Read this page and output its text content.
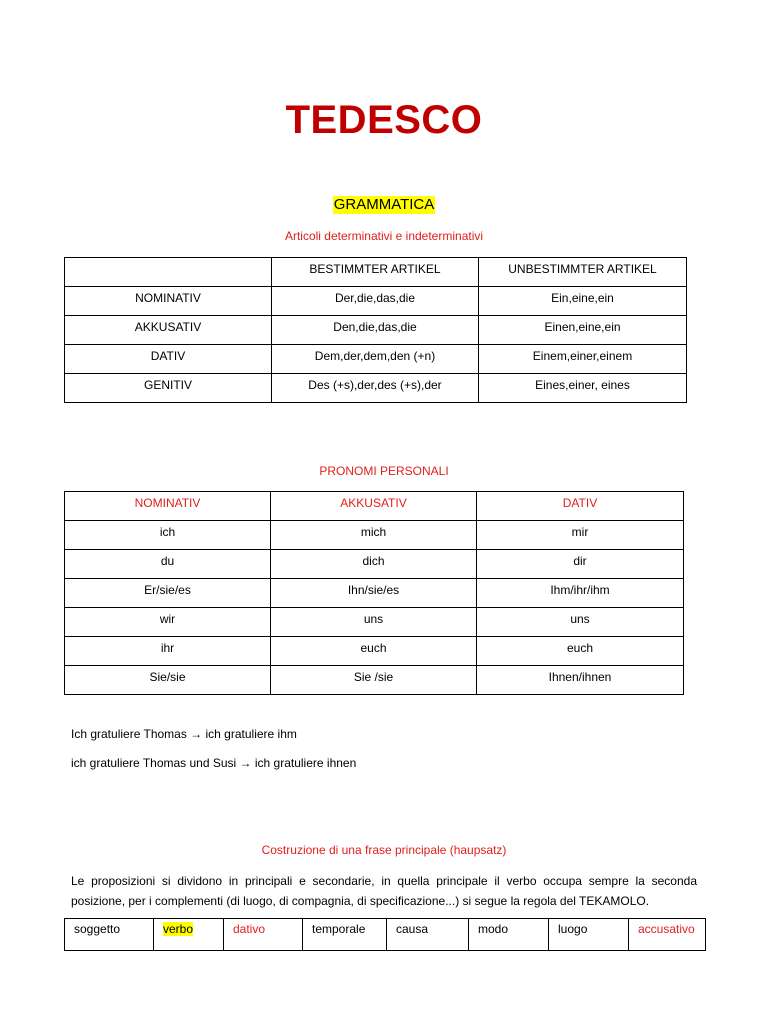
TEDESCO
GRAMMATICA
Articoli determinativi e indeterminativi
	BESTIMMTER ARTIKEL	UNBESTIMMTER ARTIKEL
NOMINATIV	Der,die,das,die	Ein,eine,ein
AKKUSATIV	Den,die,das,die	Einen,eine,ein
DATIV	Dem,der,dem,den (+n)	Einem,einer,einem
GENITIV	Des (+s),der,des (+s),der	Eines,einer, eines
PRONOMI PERSONALI
NOMINATIV	AKKUSATIV	DATIV
ich	mich	mir
du	dich	dir
Er/sie/es	Ihn/sie/es	Ihm/ihr/ihm
wir	uns	uns
ihr	euch	euch
Sie/sie	Sie /sie	Ihnen/ihnen
Ich gratuliere Thomas → ich gratuliere ihm
ich gratuliere Thomas und Susi → ich gratuliere ihnen
Costruzione di una frase principale (haupsatz)
Le proposizioni si dividono in principali e secondarie, in quella principale il verbo occupa sempre la seconda posizione, per i complementi (di luogo, di compagnia, di specificazione...) si segue la regola del TEKAMOLO.
soggetto	verbo	dativo	temporale	causa	modo	luogo	accusativo
